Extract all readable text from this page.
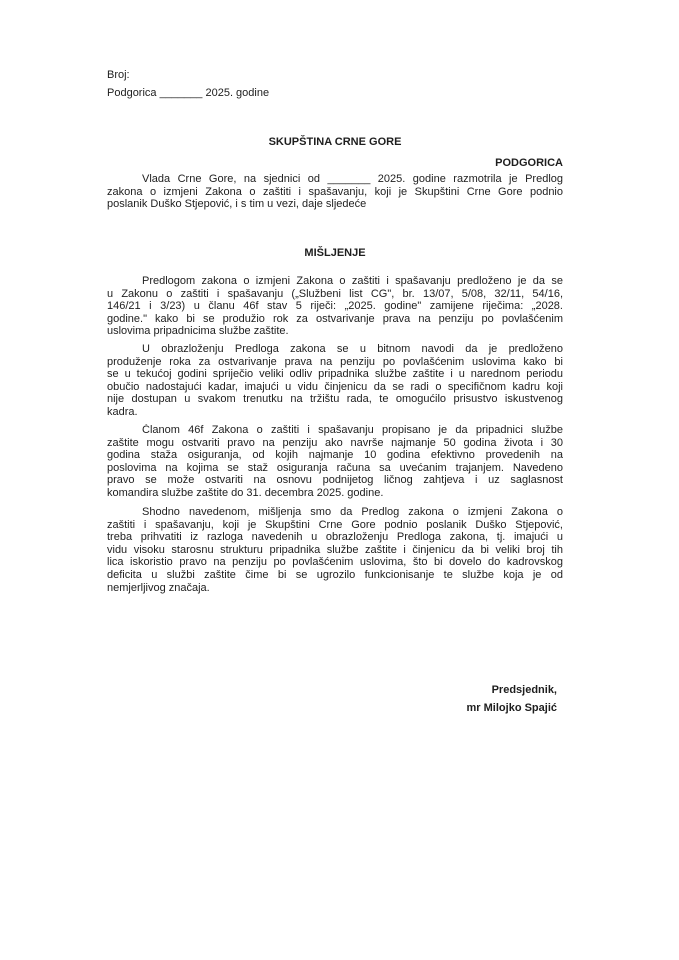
Broj:
Podgorica _______ 2025. godine
SKUPŠTINA CRNE GORE
PODGORICA
Vlada Crne Gore, na sjednici od _______ 2025. godine razmotrila je Predlog
zakona o izmjeni Zakona o zaštiti i spašavanju, koji je Skupštini Crne Gore podnio
poslanik Duško Stjepović, i s tim u vezi, daje sljedeće
MIŠLJENJE
Predlogom zakona o izmjeni Zakona o zaštiti i spašavanju predloženo je da se
u Zakonu o zaštiti i spašavanju („Službeni list CG", br. 13/07, 5/08, 32/11, 54/16,
146/21 i 3/23) u članu 46f stav 5 riječi: „2025. godine" zamijene riječima: „2028.
godine." kako bi se produžio rok za ostvarivanje prava na penziju po povlašćenim
uslovima pripadnicima službe zaštite.
U obrazloženju Predloga zakona se u bitnom navodi da je predloženo
produženje roka za ostvarivanje prava na penziju po povlašćenim uslovima kako bi
se u tekućoj godini spriječio veliki odliv pripadnika službe zaštite i u narednom periodu
obučio nadostajući kadar, imajući u vidu činjenicu da se radi o specifičnom kadru koji
nije dostupan u svakom trenutku na tržištu rada, te omogućilo prisustvo iskustvenog
kadra.
Članom 46f Zakona o zaštiti i spašavanju propisano je da pripadnici službe
zaštite mogu ostvariti pravo na penziju ako navrše najmanje 50 godina života i 30
godina staža osiguranja, od kojih najmanje 10 godina efektivno provedenih na
poslovima na kojima se staž osiguranja računa sa uvećanim trajanjem. Navedeno
pravo se može ostvariti na osnovu podnijetog ličnog zahtjeva i uz saglasnost
komandira službe zaštite do 31. decembra 2025. godine.
Shodno navedenom, mišljenja smo da Predlog zakona o izmjeni Zakona o
zaštiti i spašavanju, koji je Skupštini Crne Gore podnio poslanik Duško Stjepović,
treba prihvatiti iz razloga navedenih u obrazloženju Predloga zakona, tj. imajući u
vidu visoku starosnu strukturu pripadnika službe zaštite i činjenicu da bi veliki broj tih
lica iskoristio pravo na penziju po povlašćenim uslovima, što bi dovelo do kadrovskog
deficita u službi zaštite čime bi se ugrozilo funkcionisanje te službe koja je od
nemjerljivog značaja.
Predsjednik,
mr Milojko Spajić
